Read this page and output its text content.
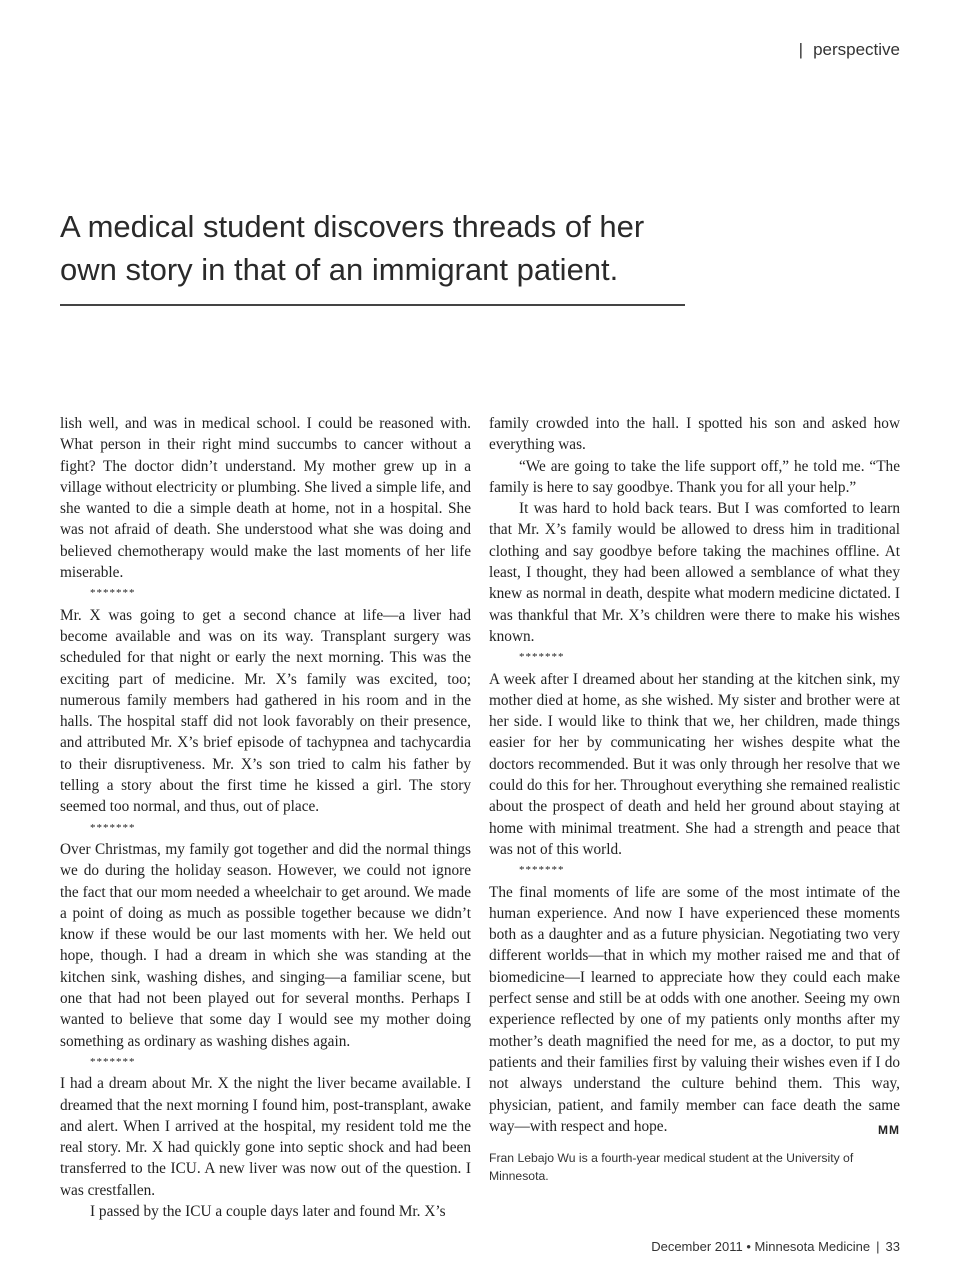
| perspective
A medical student discovers threads of her own story in that of an immigrant patient.

lish well, and was in medical school. I could be reasoned with. What person in their right mind succumbs to cancer without a fight? The doctor didn’t understand. My mother grew up in a village without electricity or plumbing. She lived a simple life, and she wanted to die a simple death at home, not in a hospital. She was not afraid of death. She understood what she was doing and believed chemotherapy would make the last moments of her life miserable.

*******

Mr. X was going to get a second chance at life—a liver had become available and was on its way. Transplant surgery was scheduled for that night or early the next morning. This was the exciting part of medicine. Mr. X’s family was excited, too; numerous family members had gathered in his room and in the halls. The hospital staff did not look favorably on their presence, and attributed Mr. X’s brief episode of tachypnea and tachycardia to their disruptiveness. Mr. X’s son tried to calm his father by telling a story about the first time he kissed a girl. The story seemed too normal, and thus, out of place.

*******

Over Christmas, my family got together and did the normal things we do during the holiday season. However, we could not ignore the fact that our mom needed a wheelchair to get around. We made a point of doing as much as possible together because we didn’t know if these would be our last moments with her. We held out hope, though. I had a dream in which she was standing at the kitchen sink, washing dishes, and singing—a familiar scene, but one that had not been played out for several months. Perhaps I wanted to believe that some day I would see my mother doing something as ordinary as washing dishes again.

*******

I had a dream about Mr. X the night the liver became available. I dreamed that the next morning I found him, post-transplant, awake and alert. When I arrived at the hospital, my resident told me the real story. Mr. X had quickly gone into septic shock and had been transferred to the ICU. A new liver was now out of the question. I was crestfallen.

I passed by the ICU a couple days later and found Mr. X’s

family crowded into the hall. I spotted his son and asked how everything was.

“We are going to take the life support off,” he told me. “The family is here to say goodbye. Thank you for all your help.”

It was hard to hold back tears. But I was comforted to learn that Mr. X’s family would be allowed to dress him in traditional clothing and say goodbye before taking the machines offline. At least, I thought, they had been allowed a semblance of what they knew as normal in death, despite what modern medicine dictated. I was thankful that Mr. X’s children were there to make his wishes known.

*******

A week after I dreamed about her standing at the kitchen sink, my mother died at home, as she wished. My sister and brother were at her side. I would like to think that we, her children, made things easier for her by communicating her wishes despite what the doctors recommended. But it was only through her resolve that we could do this for her. Throughout everything she remained realistic about the prospect of death and held her ground about staying at home with minimal treatment. She had a strength and peace that was not of this world.

*******

The final moments of life are some of the most intimate of the human experience. And now I have experienced these moments both as a daughter and as a future physician. Negotiating two very different worlds—that in which my mother raised me and that of biomedicine—I learned to appreciate how they could each make perfect sense and still be at odds with one another. Seeing my own experience reflected by one of my patients only months after my mother’s death magnified the need for me, as a doctor, to put my patients and their families first by valuing their wishes even if I do not always understand the culture behind them. This way, physician, patient, and family member can face death the same way—with respect and hope.	MM

Fran Lebajo Wu is a fourth-year medical student at the University of Minnesota.
December 2011 • Minnesota Medicine | 33
